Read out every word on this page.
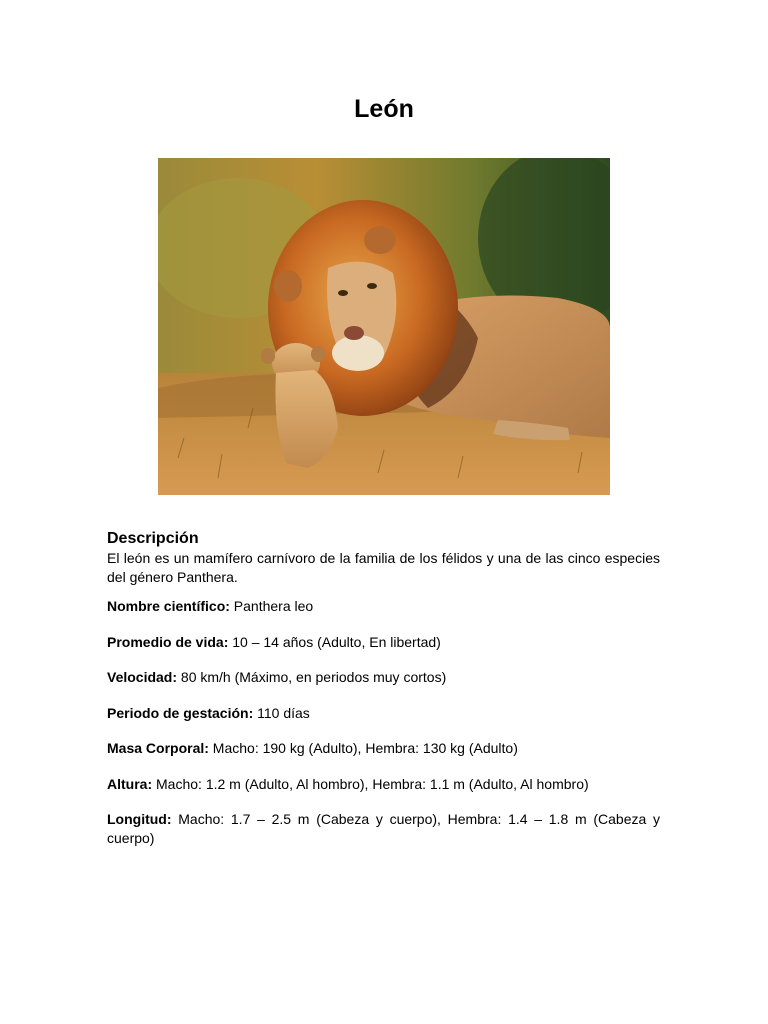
León
Descripción

El león es un mamífero carnívoro de la familia de los félidos y una de las cinco especies del género Panthera.

Nombre científico: Panthera leo

Promedio de vida: 10 – 14 años (Adulto, En libertad)

Velocidad: 80 km/h (Máximo, en periodos muy cortos)

Periodo de gestación: 110 días

Masa Corporal: Macho: 190 kg (Adulto), Hembra: 130 kg (Adulto)

Altura: Macho: 1.2 m (Adulto, Al hombro), Hembra: 1.1 m (Adulto, Al hombro)

Longitud: Macho: 1.7 – 2.5 m (Cabeza y cuerpo), Hembra: 1.4 – 1.8 m (Cabeza y cuerpo)
